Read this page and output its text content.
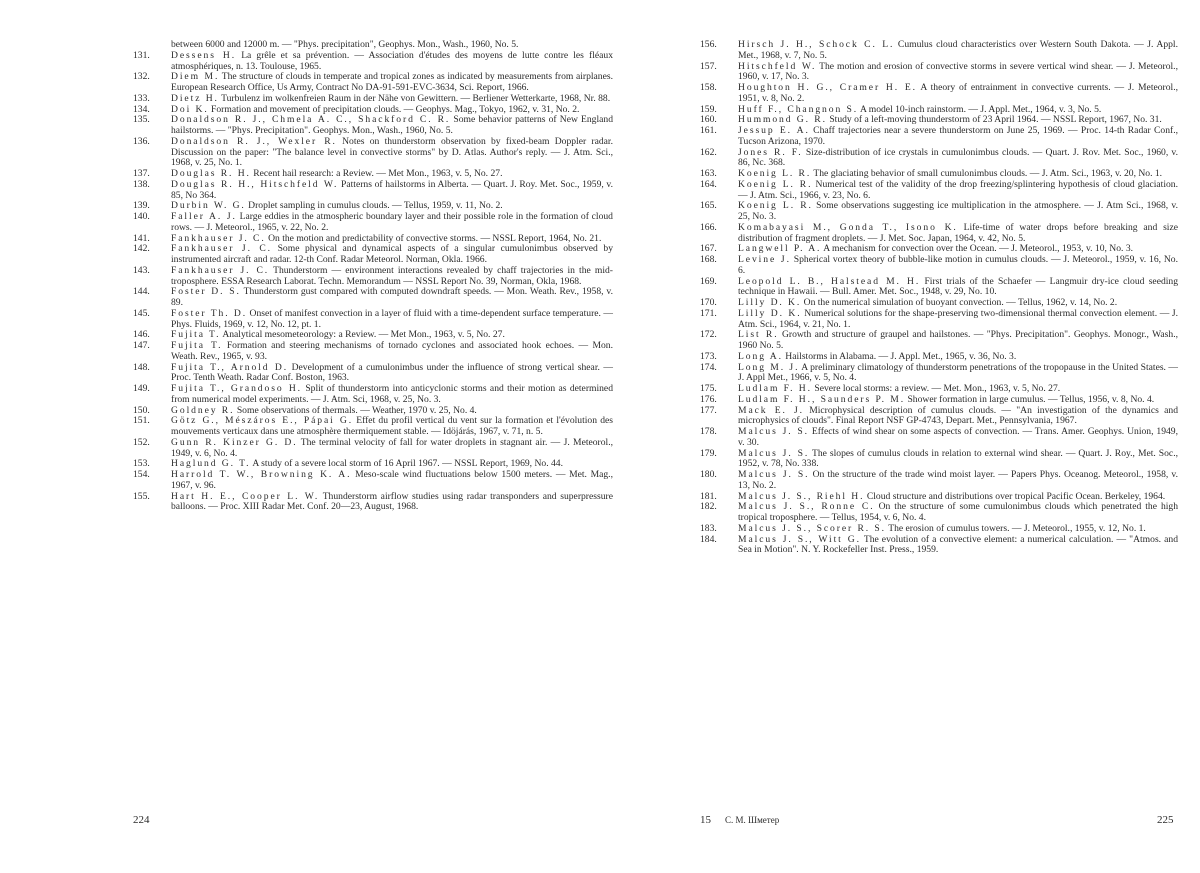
between 6000 and 12000 m. — "Phys. precipitation", Geophys. Mon., Wash., 1960, No. 5.

131. Dessens H. La grêle et sa prévention. — Association d'études des moyens de lutte contre les fléaux atmosphériques, n. 13. Toulouse, 1965.

132. Diem M. The structure of clouds in temperate and tropical zones as indicated by measurements from airplanes. European Research Office, Us Army, Contract No DA-91-591-EVC-3634, Sci. Report, 1966.

133. Dietz H. Turbulenz im wolkenfreien Raum in der Nähe von Gewittern. — Berliener Wetterkarte, 1968, Nr. 88.

134. Doi K. Formation and movement of precipitation clouds. — Geophys. Mag., Tokyo, 1962, v. 31, No. 2.

135. Donaldson R. J., Chmela A. C., Shackford C. R. Some behavior patterns of New England hailstorms. — "Phys. Precipitation". Geophys. Mon., Wash., 1960, No. 5.

136. Donaldson R. J., Wexler R. Notes on thunderstorm observation by fixed-beam Doppler radar. Discussion on the paper: "The balance level in convective storms" by D. Atlas. Author's reply. — J. Atm. Sci., 1968, v. 25, No. 1.

137. Douglas R. H. Recent hail research: a Review. — Met Mon., 1963, v. 5, No. 27.

138. Douglas R. H., Hitschfeld W. Patterns of hailstorms in Alberta. — Quart. J. Roy. Met. Soc., 1959, v. 85, No 364.

139. Durbin W. G. Droplet sampling in cumulus clouds. — Tellus, 1959, v. 11, No. 2.

140. Faller A. J. Large eddies in the atmospheric boundary layer and their possible role in the formation of cloud rows. — J. Meteorol., 1965, v. 22, No. 2.

141. Fankhauser J. C. On the motion and predictability of convective storms. — NSSL Report, 1964, No. 21.

142. Fankhauser J. C. Some physical and dynamical aspects of a singular cumulonimbus observed by instrumented aircraft and radar. 12-th Conf. Radar Meteorol. Norman, Okla. 1966.

143. Fankhauser J. C. Thunderstorm — environment interactions revealed by chaff trajectories in the mid-troposphere. ESSA Research Laborat. Techn. Memorandum — NSSL Report No. 39, Norman, Okla, 1968.

144. Foster D. S. Thunderstorm gust compared with computed downdraft speeds. — Mon. Weath. Rev., 1958, v. 89.

145. Foster Th. D. Onset of manifest convection in a layer of fluid with a time-dependent surface temperature. — Phys. Fluids, 1969, v. 12, No. 12, pt. 1.

146. Fujita T. Analytical mesometeorology: a Review. — Met Mon., 1963, v. 5, No. 27.

147. Fujita T. Formation and steering mechanisms of tornado cyclones and associated hook echoes. — Mon. Weath. Rev., 1965, v. 93.

148. Fujita T., Arnold D. Development of a cumulonimbus under the influence of strong vertical shear. — Proc. Tenth Weath. Radar Conf. Boston, 1963.

149. Fujita T., Grandoso H. Split of thunderstorm into anticyclonic storms and their motion as determined from numerical model experiments. — J. Atm. Sci, 1968, v. 25, No. 3.

150. Goldney R. Some observations of thermals. — Weather, 1970 v. 25, No. 4.

151. Götz G., Mészáros E., Pápai G. Effet du profil vertical du vent sur la formation et l'évolution des mouvements verticaux dans une atmosphère thermiquement stable. — Idöjárás, 1967, v. 71, n. 5.

152. Gunn R. Kinzer G. D. The terminal velocity of fall for water droplets in stagnant air. — J. Meteorol., 1949, v. 6, No. 4.

153. Haglund G. T. A study of a severe local storm of 16 April 1967. — NSSL Report, 1969, No. 44.

154. Harrold T. W., Browning K. A. Meso-scale wind fluctuations below 1500 meters. — Met. Mag., 1967, v. 96.

155. Hart H. E., Cooper L. W. Thunderstorm airflow studies using radar transponders and superpressure balloons. — Proc. XIII Radar Met. Conf. 20—23, August, 1968.

224

156. Hirsch J. H., Schock C. L. Cumulus cloud characteristics over Western South Dakota. — J. Appl. Met., 1968, v. 7, No. 5.

157. Hitschfeld W. The motion and erosion of convective storms in severe vertical wind shear. — J. Meteorol., 1960, v. 17, No. 3.

158. Houghton H. G., Cramer H. E. A theory of entrainment in convective currents. — J. Meteorol., 1951, v. 8, No. 2.

159. Huff F., Changnon S. A model 10-inch rainstorm. — J. Appl. Met., 1964, v. 3, No. 5.

160. Hummond G. R. Study of a left-moving thunderstorm of 23 April 1964. — NSSL Report, 1967, No. 31.

161. Jessup E. A. Chaff trajectories near a severe thunderstorm on June 25, 1969. — Proc. 14-th Radar Conf., Tucson Arizona, 1970.

162. Jones R. F. Size-distribution of ice crystals in cumulonimbus clouds. — Quart. J. Rov. Met. Soc., 1960, v. 86, Nc. 368.

163. Koenig L. R. The glaciating behavior of small cumulonimbus clouds. — J. Atm. Sci., 1963, v. 20, No. 1.

164. Koenig L. R. Numerical test of the validity of the drop freezing/splintering hypothesis of cloud glaciation. — J. Atm. Sci., 1966, v. 23, No. 6.

165. Koenig L. R. Some observations suggesting ice multiplication in the atmosphere. — J. Atm Sci., 1968, v. 25, No. 3.

166. Komabayasi M., Gonda T., Isono K. Life-time of water drops before breaking and size distribution of fragment droplets. — J. Met. Soc. Japan, 1964, v. 42, No. 5.

167. Langwell P. A. A mechanism for convection over the Ocean. — J. Meteorol., 1953, v. 10, No. 3.

168. Levine J. Spherical vortex theory of bubble-like motion in cumulus clouds. — J. Meteorol., 1959, v. 16, No. 6.

169. Leopold L. B., Halstead M. H. First trials of the Schaefer — Langmuir dry-ice cloud seeding technique in Hawaii. — Bull. Amer. Met. Soc., 1948, v. 29, No. 10.

170. Lilly D. K. On the numerical simulation of buoyant convection. — Tellus, 1962, v. 14, No. 2.

171. Lilly D. K. Numerical solutions for the shape-preserving two-dimensional thermal convection element. — J. Atm. Sci., 1964, v. 21, No. 1.

172. List R. Growth and structure of graupel and hailstones. — "Phys. Precipitation". Geophys. Monogr., Wash., 1960 No. 5.

173. Long A. Hailstorms in Alabama. — J. Appl. Met., 1965, v. 36, No. 3.

174. Long M. J. A preliminary climatology of thunderstorm penetrations of the tropopause in the United States. — J. Appl Met., 1966, v. 5, No. 4.

175. Ludlam F. H. Severe local storms: a review. — Met. Mon., 1963, v. 5, No. 27.

176. Ludlam F. H., Saunders P. M. Shower formation in large cumulus. — Tellus, 1956, v. 8, No. 4.

177. Mack E. J. Microphysical description of cumulus clouds. — "An investigation of the dynamics and microphysics of clouds". Final Report NSF GP-4743, Depart. Met., Pennsylvania, 1967.

178. Malcus J. S. Effects of wind shear on some aspects of convection. — Trans. Amer. Geophys. Union, 1949, v. 30.

179. Malcus J. S. The slopes of cumulus clouds in relation to external wind shear. — Quart. J. Roy., Met. Soc., 1952, v. 78, No. 338.

180. Malcus J. S. On the structure of the trade wind moist layer. — Papers Phys. Oceanog. Meteorol., 1958, v. 13, No. 2.

181. Malcus J. S., Riehl H. Cloud structure and distributions over tropical Pacific Ocean. Berkeley, 1964.

182. Malcus J. S., Ronne C. On the structure of some cumulonimbus clouds which penetrated the high tropical troposphere. — Tellus, 1954, v. 6, No. 4.

183. Malcus J. S., Scorer R. S. The erosion of cumulus towers. — J. Meteorol., 1955, v. 12, No. 1.

184. Malcus J. S., Witt G. The evolution of a convective element: a numerical calculation. — "Atmos. and Sea in Motion". N. Y. Rockefeller Inst. Press., 1959.

15 С. М. Шметер	225
